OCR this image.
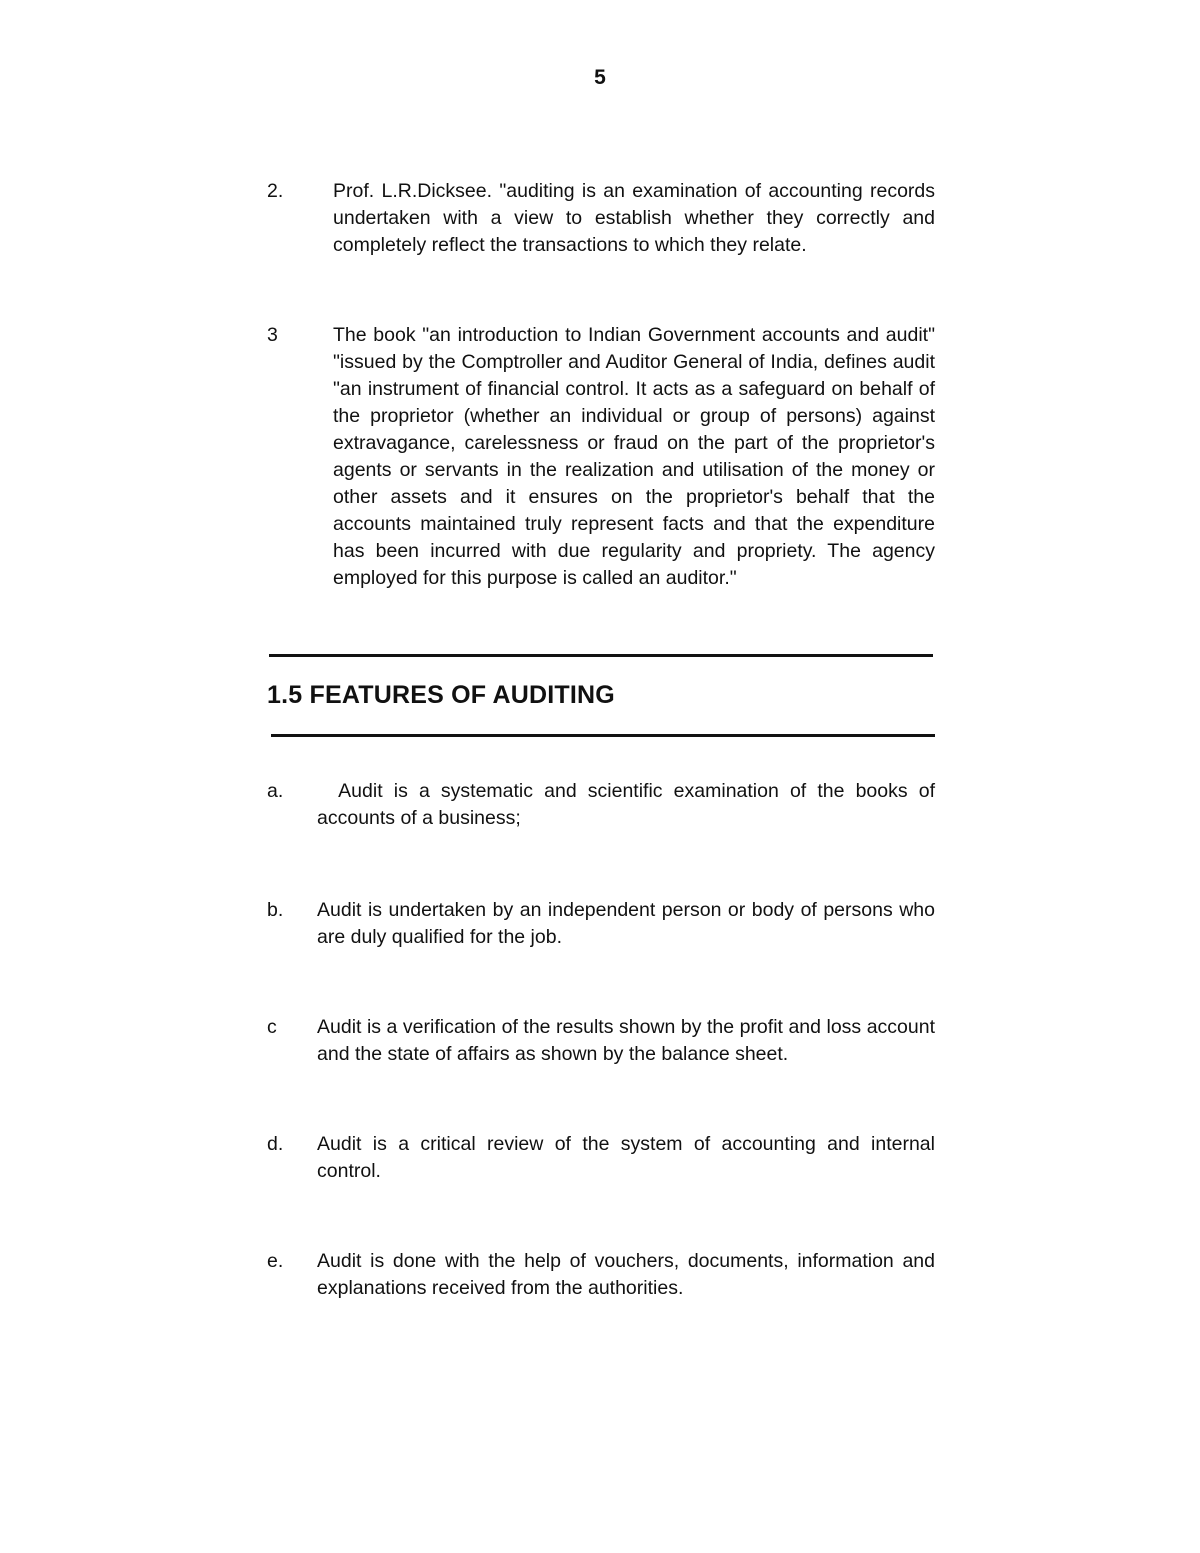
5
2.	Prof. L.R.Dicksee. "auditing is an examination of accounting records undertaken with a view to establish whether they correctly and completely reflect the transactions to which they relate.
3	The book "an introduction to Indian Government accounts and audit" "issued by the Comptroller and Auditor General of India, defines audit "an instrument of financial control. It acts as a safeguard on behalf of the proprietor (whether an individual or group of persons) against extravagance, carelessness or fraud on the part of the proprietor's agents or servants in the realization and utilisation of the money or other assets and it ensures on the proprietor's behalf that the accounts maintained truly represent facts and that the expenditure has been incurred with due regularity and propriety. The agency employed for this purpose is called an auditor."
1.5 FEATURES OF AUDITING
a. Audit is a systematic and scientific examination of the books of accounts of a business;
b. Audit is undertaken by an independent person or body of persons who are duly qualified for the job.
c Audit is a verification of the results shown by the profit and loss account and the state of affairs as shown by the balance sheet.
d. Audit is a critical review of the system of accounting and internal control.
e. Audit is done with the help of vouchers, documents, information and explanations received from the authorities.
